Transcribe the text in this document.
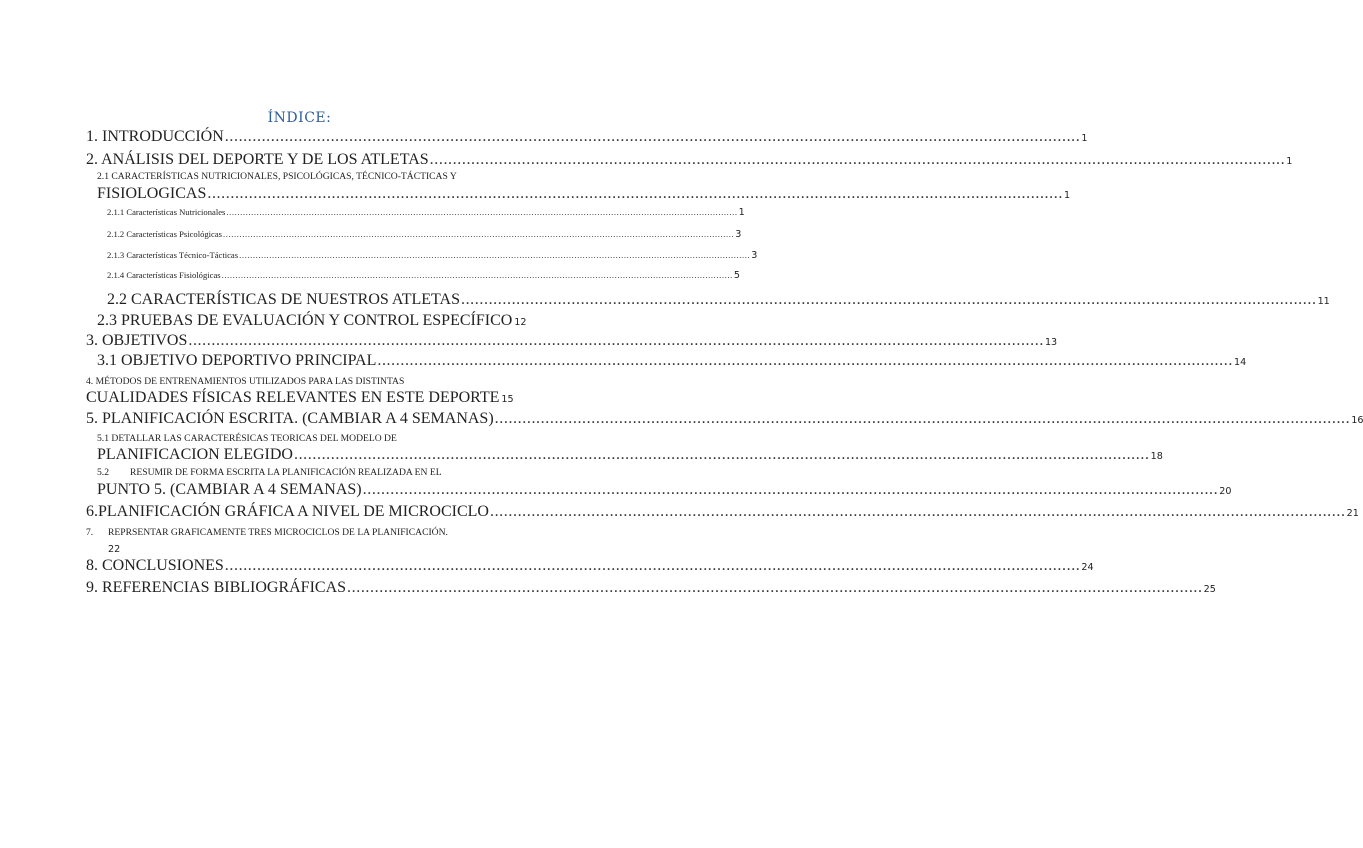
ÍNDICE:
1. INTRODUCCIÓN .......................................................................................................................................................................................... 1
2. ANÁLISIS DEL DEPORTE Y DE LOS ATLETAS .......................................................................................................................................................................................... 1
2.1 CARACTERÍSTICAS NUTRICIONALES, PSICOLÓGICAS, TÉCNICO-TÁCTICAS Y
FISIOLOGICAS .......................................................................................................................................................................................... 1
2.1.1 Características Nutricionales .......................................................................................................................................................................................... 1
2.1.2 Características Psicológicas .......................................................................................................................................................................................... 3
2.1.3 Características Técnico-Tácticas .......................................................................................................................................................................................... 3
2.1.4 Características Fisiológicas .......................................................................................................................................................................................... 5
2.2 CARACTERÍSTICAS DE NUESTROS ATLETAS .......................................................................................................................................................................................... 11
2.3 PRUEBAS DE EVALUACIÓN Y CONTROL ESPECÍFICO 12
3. OBJETIVOS .......................................................................................................................................................................................... 13
3.1 OBJETIVO DEPORTIVO PRINCIPAL .......................................................................................................................................................................................... 14
4. MÉTODOS DE ENTRENAMIENTOS UTILIZADOS PARA LAS DISTINTAS
CUALIDADES FÍSICAS RELEVANTES EN ESTE DEPORTE 15
5. PLANIFICACIÓN ESCRITA. (CAMBIAR A 4 SEMANAS) .......................................................................................................................................................................................... 16
5.1 DETALLAR LAS CARACTERÉSICAS TEORICAS DEL MODELO DE
PLANIFICACION ELEGIDO .......................................................................................................................................................................................... 18
5.2 RESUMIR DE FORMA ESCRITA LA PLANIFICACIÓN REALIZADA EN EL
PUNTO 5. (CAMBIAR A 4 SEMANAS) .......................................................................................................................................................................................... 20
6. PLANIFICACIÓN GRÁFICA A NIVEL DE MICROCICLO .......................................................................................................................................................................................... 21
7. REPRSENTAR GRAFICAMENTE TRES MICROCICLOS DE LA PLANIFICACIÓN.
22
8. CONCLUSIONES .......................................................................................................................................................................................... 24
9. REFERENCIAS BIBLIOGRÁFICAS .......................................................................................................................................................................................... 25
